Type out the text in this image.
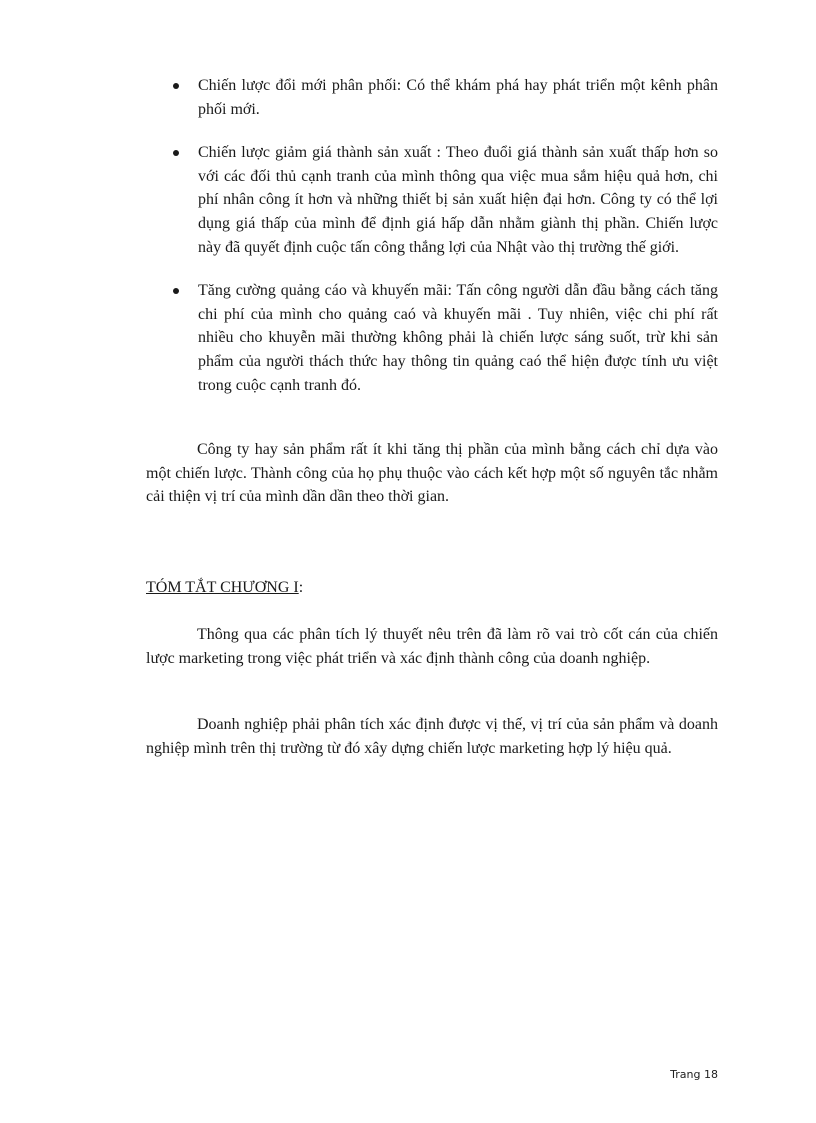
Chiến lược đổi mới phân phối: Có thể khám phá hay phát triển một kênh phân phối mới.
Chiến lược giảm giá thành sản xuất : Theo đuổi giá thành sản xuất thấp hơn so với các đối thủ cạnh tranh của mình thông qua việc mua sắm hiệu quả hơn, chi phí nhân công ít hơn và những thiết bị sản xuất hiện đại hơn. Công ty có thể lợi dụng giá thấp của mình để định giá hấp dẫn nhằm giành thị phần. Chiến lược này đã quyết định cuộc tấn công thắng lợi của Nhật vào thị trường thế giới.
Tăng cường quảng cáo và khuyến mãi: Tấn công người dẫn đầu bằng cách tăng chi phí của mình cho quảng caó và khuyến mãi . Tuy nhiên, việc chi phí rất nhiều cho khuyễn mãi thường không phải là chiến lược sáng suốt, trừ khi sản phẩm của người thách thức hay thông tin quảng caó thể hiện được tính ưu việt trong cuộc cạnh tranh đó.

Công ty hay sản phẩm rất ít khi tăng thị phần của mình bằng cách chỉ dựa vào một chiến lược. Thành công của họ phụ thuộc vào cách kết hợp một số nguyên tắc nhằm cải thiện vị trí của mình dần dần theo thời gian.

TÓM TẮT CHƯƠNG I:

Thông qua các phân tích lý thuyết nêu trên đã làm rõ vai trò cốt cán của chiến lược marketing trong việc phát triển và xác định thành công của doanh nghiệp.

Doanh nghiệp phải phân tích xác định được vị thế, vị trí của sản phẩm và doanh nghiệp mình trên thị trường từ đó xây dựng chiến lược marketing hợp lý hiệu quả.

Trang 18
